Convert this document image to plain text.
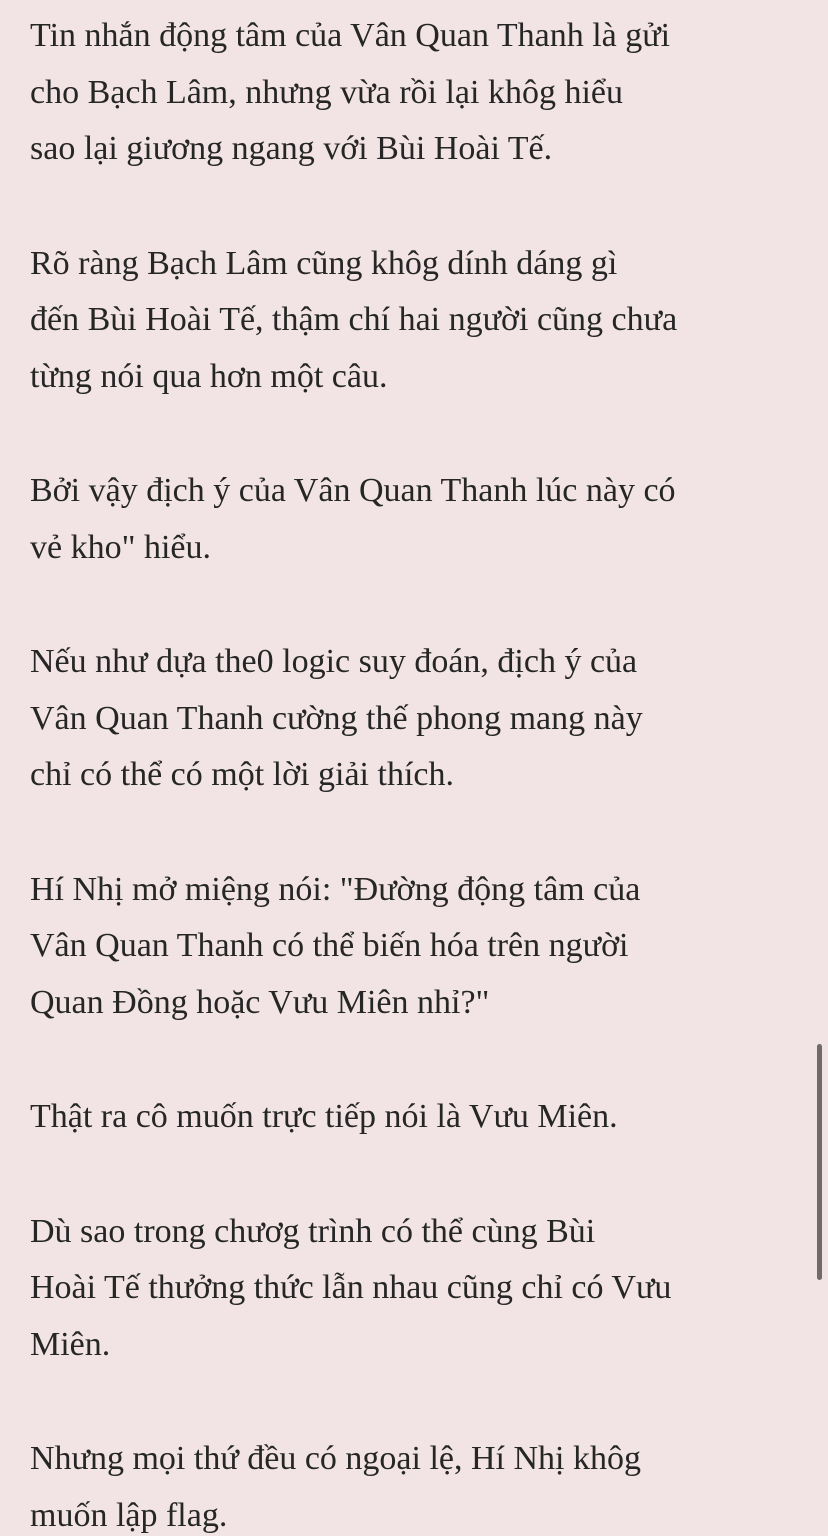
Tin nhắn động tâm của Vân Quan Thanh là gửi
cho Bạch Lâm, nhưng vừa rồi lại khôg hiểu
sao lại giương ngang với Bùi Hoài Tế.

Rõ ràng Bạch Lâm cũng khôg dính dáng gì
đến Bùi Hoài Tế, thậm chí hai người cũng chưa
từng nói qua hơn một câu.

Bởi vậy địch ý của Vân Quan Thanh lúc này có
vẻ kho" hiểu.

Nếu như dựa the0 logic suy đoán, địch ý của
Vân Quan Thanh cường thế phong mang này
chỉ có thể có một lời giải thích.

Hí Nhị mở miệng nói: "Đường động tâm của
Vân Quan Thanh có thể biến hóa trên người
Quan Đồng hoặc Vưu Miên nhỉ?"

Thật ra cô muốn trực tiếp nói là Vưu Miên.

Dù sao trong chươg trình có thể cùng Bùi
Hoài Tế thưởng thức lẫn nhau cũng chỉ có Vưu
Miên.

Nhưng mọi thứ đều có ngoại lệ, Hí Nhị khôg
muốn lập flag.
